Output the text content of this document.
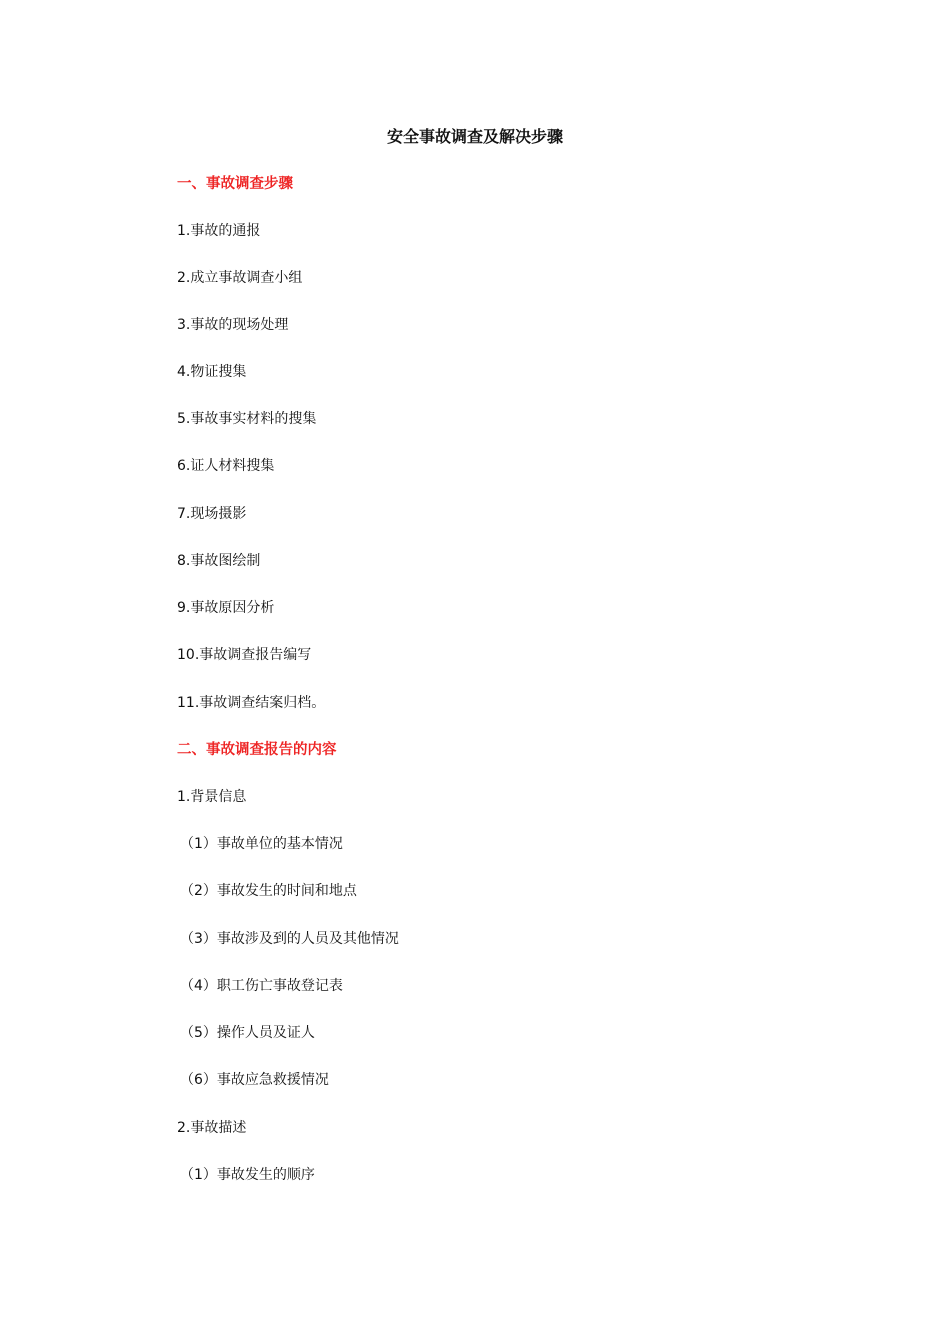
安全事故调查及解决步骤
一、事故调查步骤
1.事故的通报
2.成立事故调查小组
3.事故的现场处理
4.物证搜集
5.事故事实材料的搜集
6.证人材料搜集
7.现场摄影
8.事故图绘制
9.事故原因分析
10.事故调查报告编写
11.事故调查结案归档。
二、事故调查报告的内容
1.背景信息
（1）事故单位的基本情况
（2）事故发生的时间和地点
（3）事故涉及到的人员及其他情况
（4）职工伤亡事故登记表
（5）操作人员及证人
（6）事故应急救援情况
2.事故描述
（1）事故发生的顺序
